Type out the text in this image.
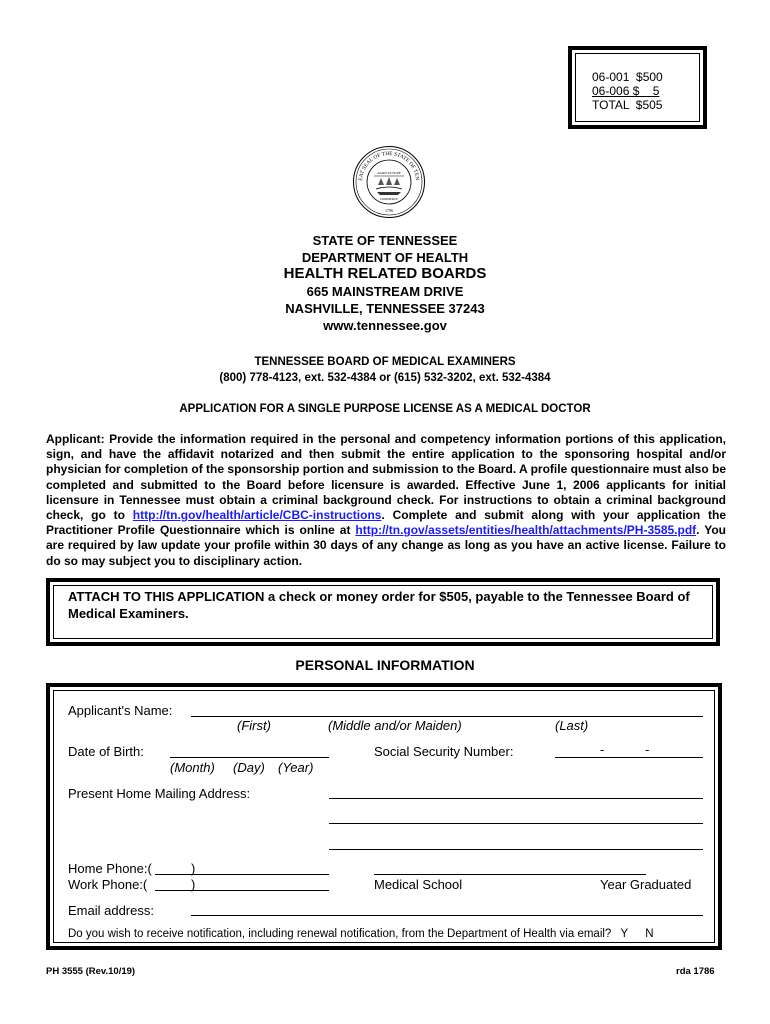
06-001  $500
06-006 $    5
TOTAL  $505
EAT SEAL OF THE STATE OF TEN
AGRICULTURE
COMMERCE
1796
STATE OF TENNESSEE
DEPARTMENT OF HEALTH
HEALTH RELATED BOARDS
665 MAINSTREAM DRIVE
NASHVILLE, TENNESSEE 37243
www.tennessee.gov
TENNESSEE BOARD OF MEDICAL EXAMINERS
(800) 778-4123, ext. 532-4384 or (615) 532-3202, ext. 532-4384
APPLICATION FOR A SINGLE PURPOSE LICENSE AS A MEDICAL DOCTOR
Applicant: Provide the information required in the personal and competency information portions of this application, sign, and have the affidavit notarized and then submit the entire application to the sponsoring hospital and/or physician for completion of the sponsorship portion and submission to the Board. A profile questionnaire must also be completed and submitted to the Board before licensure is awarded. Effective June 1, 2006 applicants for initial licensure in Tennessee must obtain a criminal background check. For instructions to obtain a criminal background check, go to http://tn.gov/health/article/CBC-instructions. Complete and submit along with your application the Practitioner Profile Questionnaire which is online at http://tn.gov/assets/entities/health/attachments/PH-3585.pdf. You are required by law update your profile within 30 days of any change as long as you have an active license. Failure to do so may subject you to disciplinary action.
ATTACH TO THIS APPLICATION a check or money order for $505, payable to the Tennessee Board of Medical Examiners.
PERSONAL INFORMATION
Applicant's Name:
(First)	(Middle and/or Maiden)	(Last)
Date of Birth:
(Month) (Day) (Year)
Social Security Number:	-	-
Present Home Mailing Address:
Home Phone:(	)
Work Phone:(	)	Medical School	Year Graduated
Email address:
Do you wish to receive notification, including renewal notification, from the Department of Health via email? Y N
PH 3555 (Rev.10/19)	rda 1786
